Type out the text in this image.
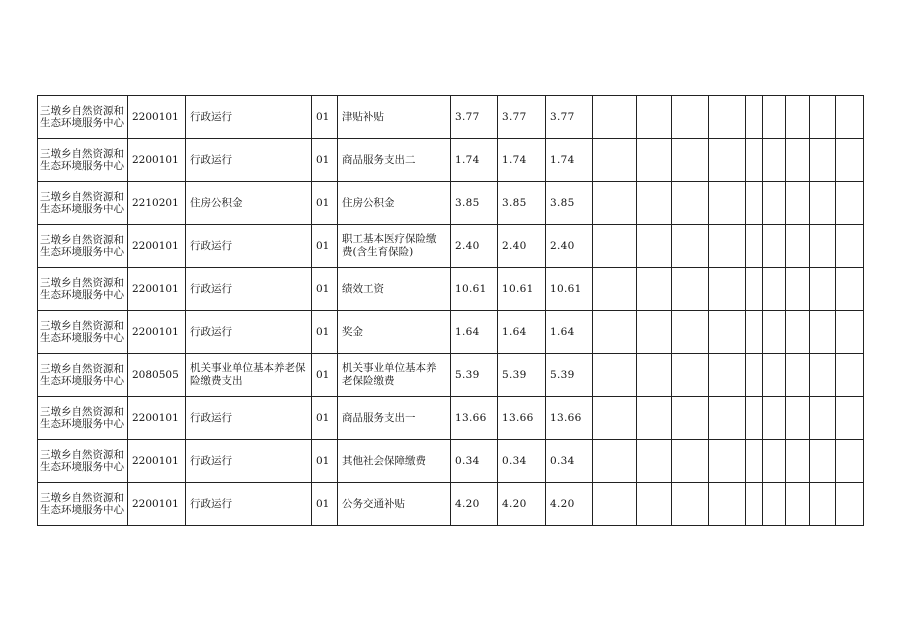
三墩乡自然资源和生态环境服务中心	2200101	行政运行	01	津贴补贴	3.77	3.77	3.77									
三墩乡自然资源和生态环境服务中心	2200101	行政运行	01	商品服务支出二	1.74	1.74	1.74									
三墩乡自然资源和生态环境服务中心	2210201	住房公积金	01	住房公积金	3.85	3.85	3.85									
三墩乡自然资源和生态环境服务中心	2200101	行政运行	01	职工基本医疗保险缴费(含生育保险)	2.40	2.40	2.40									
三墩乡自然资源和生态环境服务中心	2200101	行政运行	01	绩效工资	10.61	10.61	10.61									
三墩乡自然资源和生态环境服务中心	2200101	行政运行	01	奖金	1.64	1.64	1.64									
三墩乡自然资源和生态环境服务中心	2080505	机关事业单位基本养老保险缴费支出	01	机关事业单位基本养老保险缴费	5.39	5.39	5.39									
三墩乡自然资源和生态环境服务中心	2200101	行政运行	01	商品服务支出一	13.66	13.66	13.66									
三墩乡自然资源和生态环境服务中心	2200101	行政运行	01	其他社会保障缴费	0.34	0.34	0.34									
三墩乡自然资源和生态环境服务中心	2200101	行政运行	01	公务交通补贴	4.20	4.20	4.20									
